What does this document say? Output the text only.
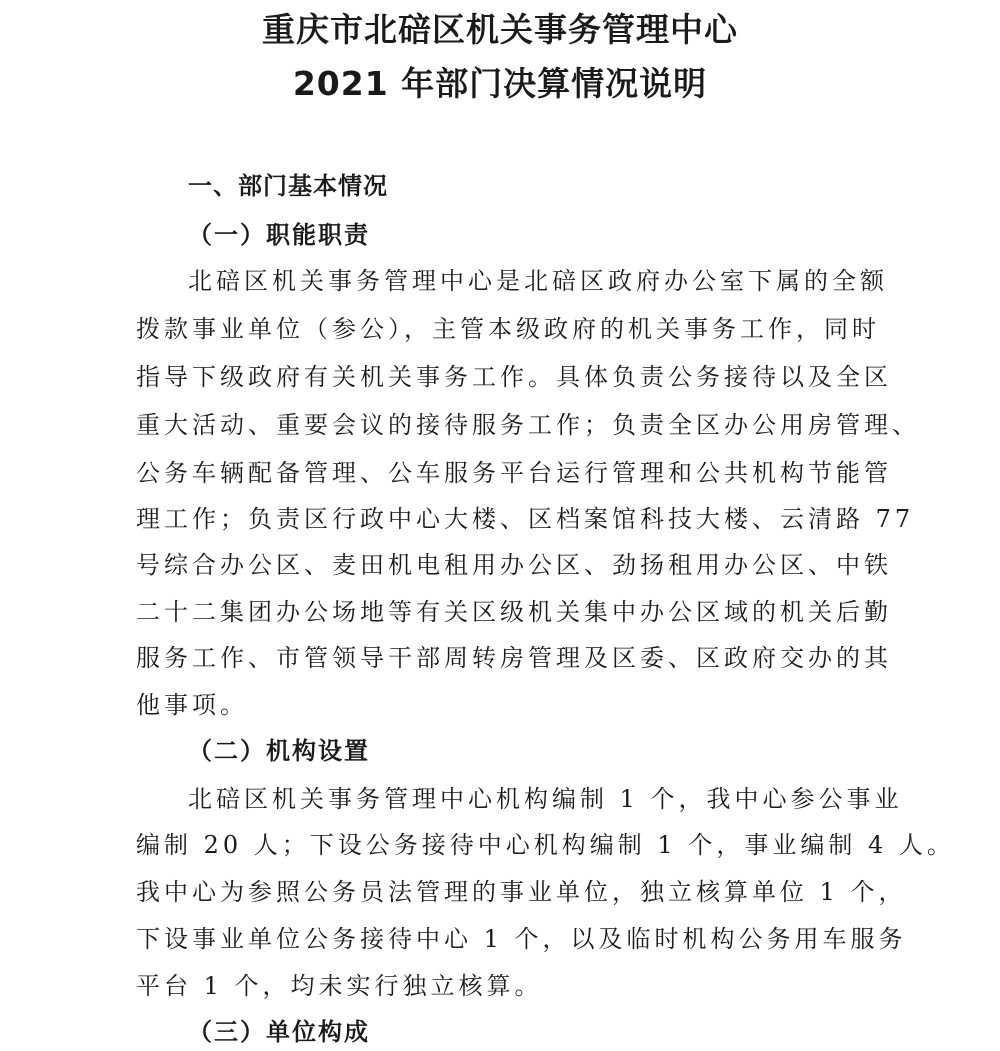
重庆市北碚区机关事务管理中心
2021 年部门决算情况说明

一、部门基本情况

（一）职能职责

北碚区机关事务管理中心是北碚区政府办公室下属的全额

拨款事业单位（参公），主管本级政府的机关事务工作，同时

指导下级政府有关机关事务工作。具体负责公务接待以及全区

重大活动、重要会议的接待服务工作；负责全区办公用房管理、

公务车辆配备管理、公车服务平台运行管理和公共机构节能管

理工作；负责区行政中心大楼、区档案馆科技大楼、云清路 77

号综合办公区、麦田机电租用办公区、劲扬租用办公区、中铁

二十二集团办公场地等有关区级机关集中办公区域的机关后勤

服务工作、市管领导干部周转房管理及区委、区政府交办的其

他事项。

（二）机构设置

北碚区机关事务管理中心机构编制 1 个，我中心参公事业

编制 20 人；下设公务接待中心机构编制 1 个，事业编制 4 人。

我中心为参照公务员法管理的事业单位，独立核算单位 1 个，

下设事业单位公务接待中心 1 个，以及临时机构公务用车服务

平台 1 个，均未实行独立核算。

（三）单位构成
